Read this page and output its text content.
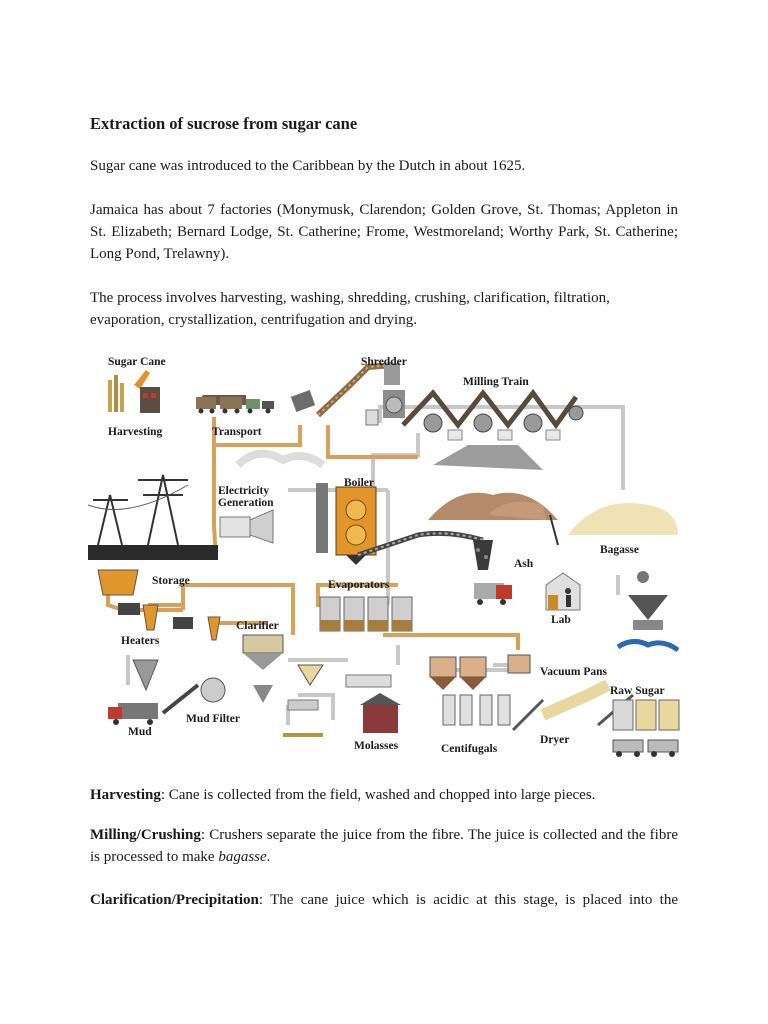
Extraction of sucrose from sugar cane
Sugar cane was introduced to the Caribbean by the Dutch in about 1625.
Jamaica has about 7 factories (Monymusk, Clarendon; Golden Grove, St. Thomas; Appleton in St. Elizabeth; Bernard Lodge, St. Catherine; Frome, Westmoreland; Worthy Park, St. Catherine; Long Pond, Trelawny).
The process involves harvesting, washing, shredding, crushing, clarification, filtration, evaporation, crystallization, centrifugation and drying.
Sugar Cane
Harvesting	Transport
Shredder
Milling Train
Electricity
Generation
Boiler
Bagasse
Ash
Storage	Evaporators
Lab
Heaters
Clarifier
Vacuum Pans
Raw Sugar
Mud Filter
Mud
Molasses	Centifugals
Dryer
Harvesting: Cane is collected from the field, washed and chopped into large pieces.
Milling/Crushing: Crushers separate the juice from the fibre. The juice is collected and the fibre is processed to make bagasse.
Clarification/Precipitation: The cane juice which is acidic at this stage, is placed into the
